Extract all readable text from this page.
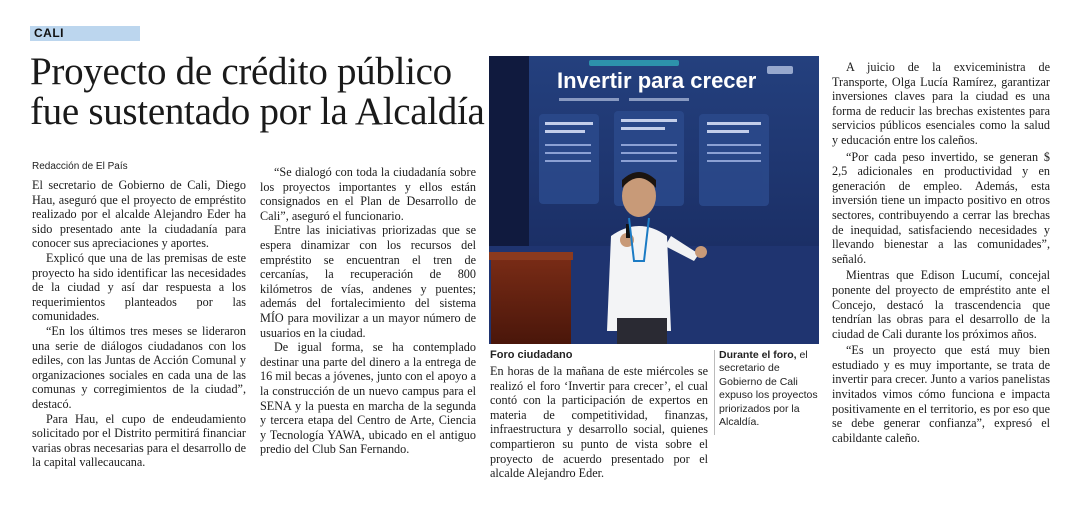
CALI
Proyecto de crédito público fue sustentado por la Alcaldía
Redacción de El País

El secretario de Gobierno de Cali, Diego Hau, aseguró que el proyecto de empréstito realizado por el alcalde Alejandro Eder ha sido presentado ante la ciudadanía para conocer sus apreciaciones y aportes.

Explicó que una de las premisas de este proyecto ha sido identificar las necesidades de la ciudad y así dar respuesta a los requerimientos planteados por las comunidades.

“En los últimos tres meses se lideraron una serie de diálogos ciudadanos con los ediles, con las Juntas de Acción Comunal y organizaciones sociales en cada una de las comunas y corregimientos de la ciudad”, destacó.

Para Hau, el cupo de endeudamiento solicitado por el Distrito permitirá financiar varias obras necesarias para el desarrollo de la capital vallecaucana.

“Se dialogó con toda la ciudadanía sobre los proyectos importantes y ellos están consignados en el Plan de Desarrollo de Cali”, aseguró el funcionario.

Entre las iniciativas priorizadas que se espera dinamizar con los recursos del empréstito se encuentran el tren de cercanías, la recuperación de 800 kilómetros de vías, andenes y puentes; además del fortalecimiento del sistema MÍO para movilizar a un mayor número de usuarios en la ciudad.

De igual forma, se ha contemplado destinar una parte del dinero a la entrega de 16 mil becas a jóvenes, junto con el apoyo a la construcción de un nuevo campus para el SENA y la puesta en marcha de la segunda y tercera etapa del Centro de Arte, Ciencia y Tecnología YAWA, ubicado en el antiguo predio del Club San Fernando.

Invertir para crecer
Foro ciudadano

En horas de la mañana de este miércoles se realizó el foro ‘Invertir para crecer’, el cual contó con la participación de expertos en materia de competitividad, finanzas, infraestructura y desarrollo social, quienes compartieron su punto de vista sobre el proyecto de acuerdo presentado por el alcalde Alejandro Eder.

Durante el foro, el secretario de Gobierno de Cali expuso los proyectos priorizados por la Alcaldía.

A juicio de la exviceministra de Transporte, Olga Lucía Ramírez, garantizar inversiones claves para la ciudad es una forma de reducir las brechas existentes para servicios públicos esenciales como la salud y educación entre los caleños.

“Por cada peso invertido, se generan $ 2,5 adicionales en productividad y en generación de empleo. Además, esta inversión tiene un impacto positivo en otros sectores, contribuyendo a cerrar las brechas de inequidad, satisfaciendo necesidades y llevando bienestar a las comunidades”, señaló.

Mientras que Edison Lucumí, concejal ponente del proyecto de empréstito ante el Concejo, destacó la trascendencia que tendrían las obras para el desarrollo de la ciudad de Cali durante los próximos años.

“Es un proyecto que está muy bien estudiado y es muy importante, se trata de invertir para crecer. Junto a varios panelistas invitados vimos cómo funciona e impacta positivamente en el territorio, es por eso que se debe generar confianza”, expresó el cabildante caleño.
